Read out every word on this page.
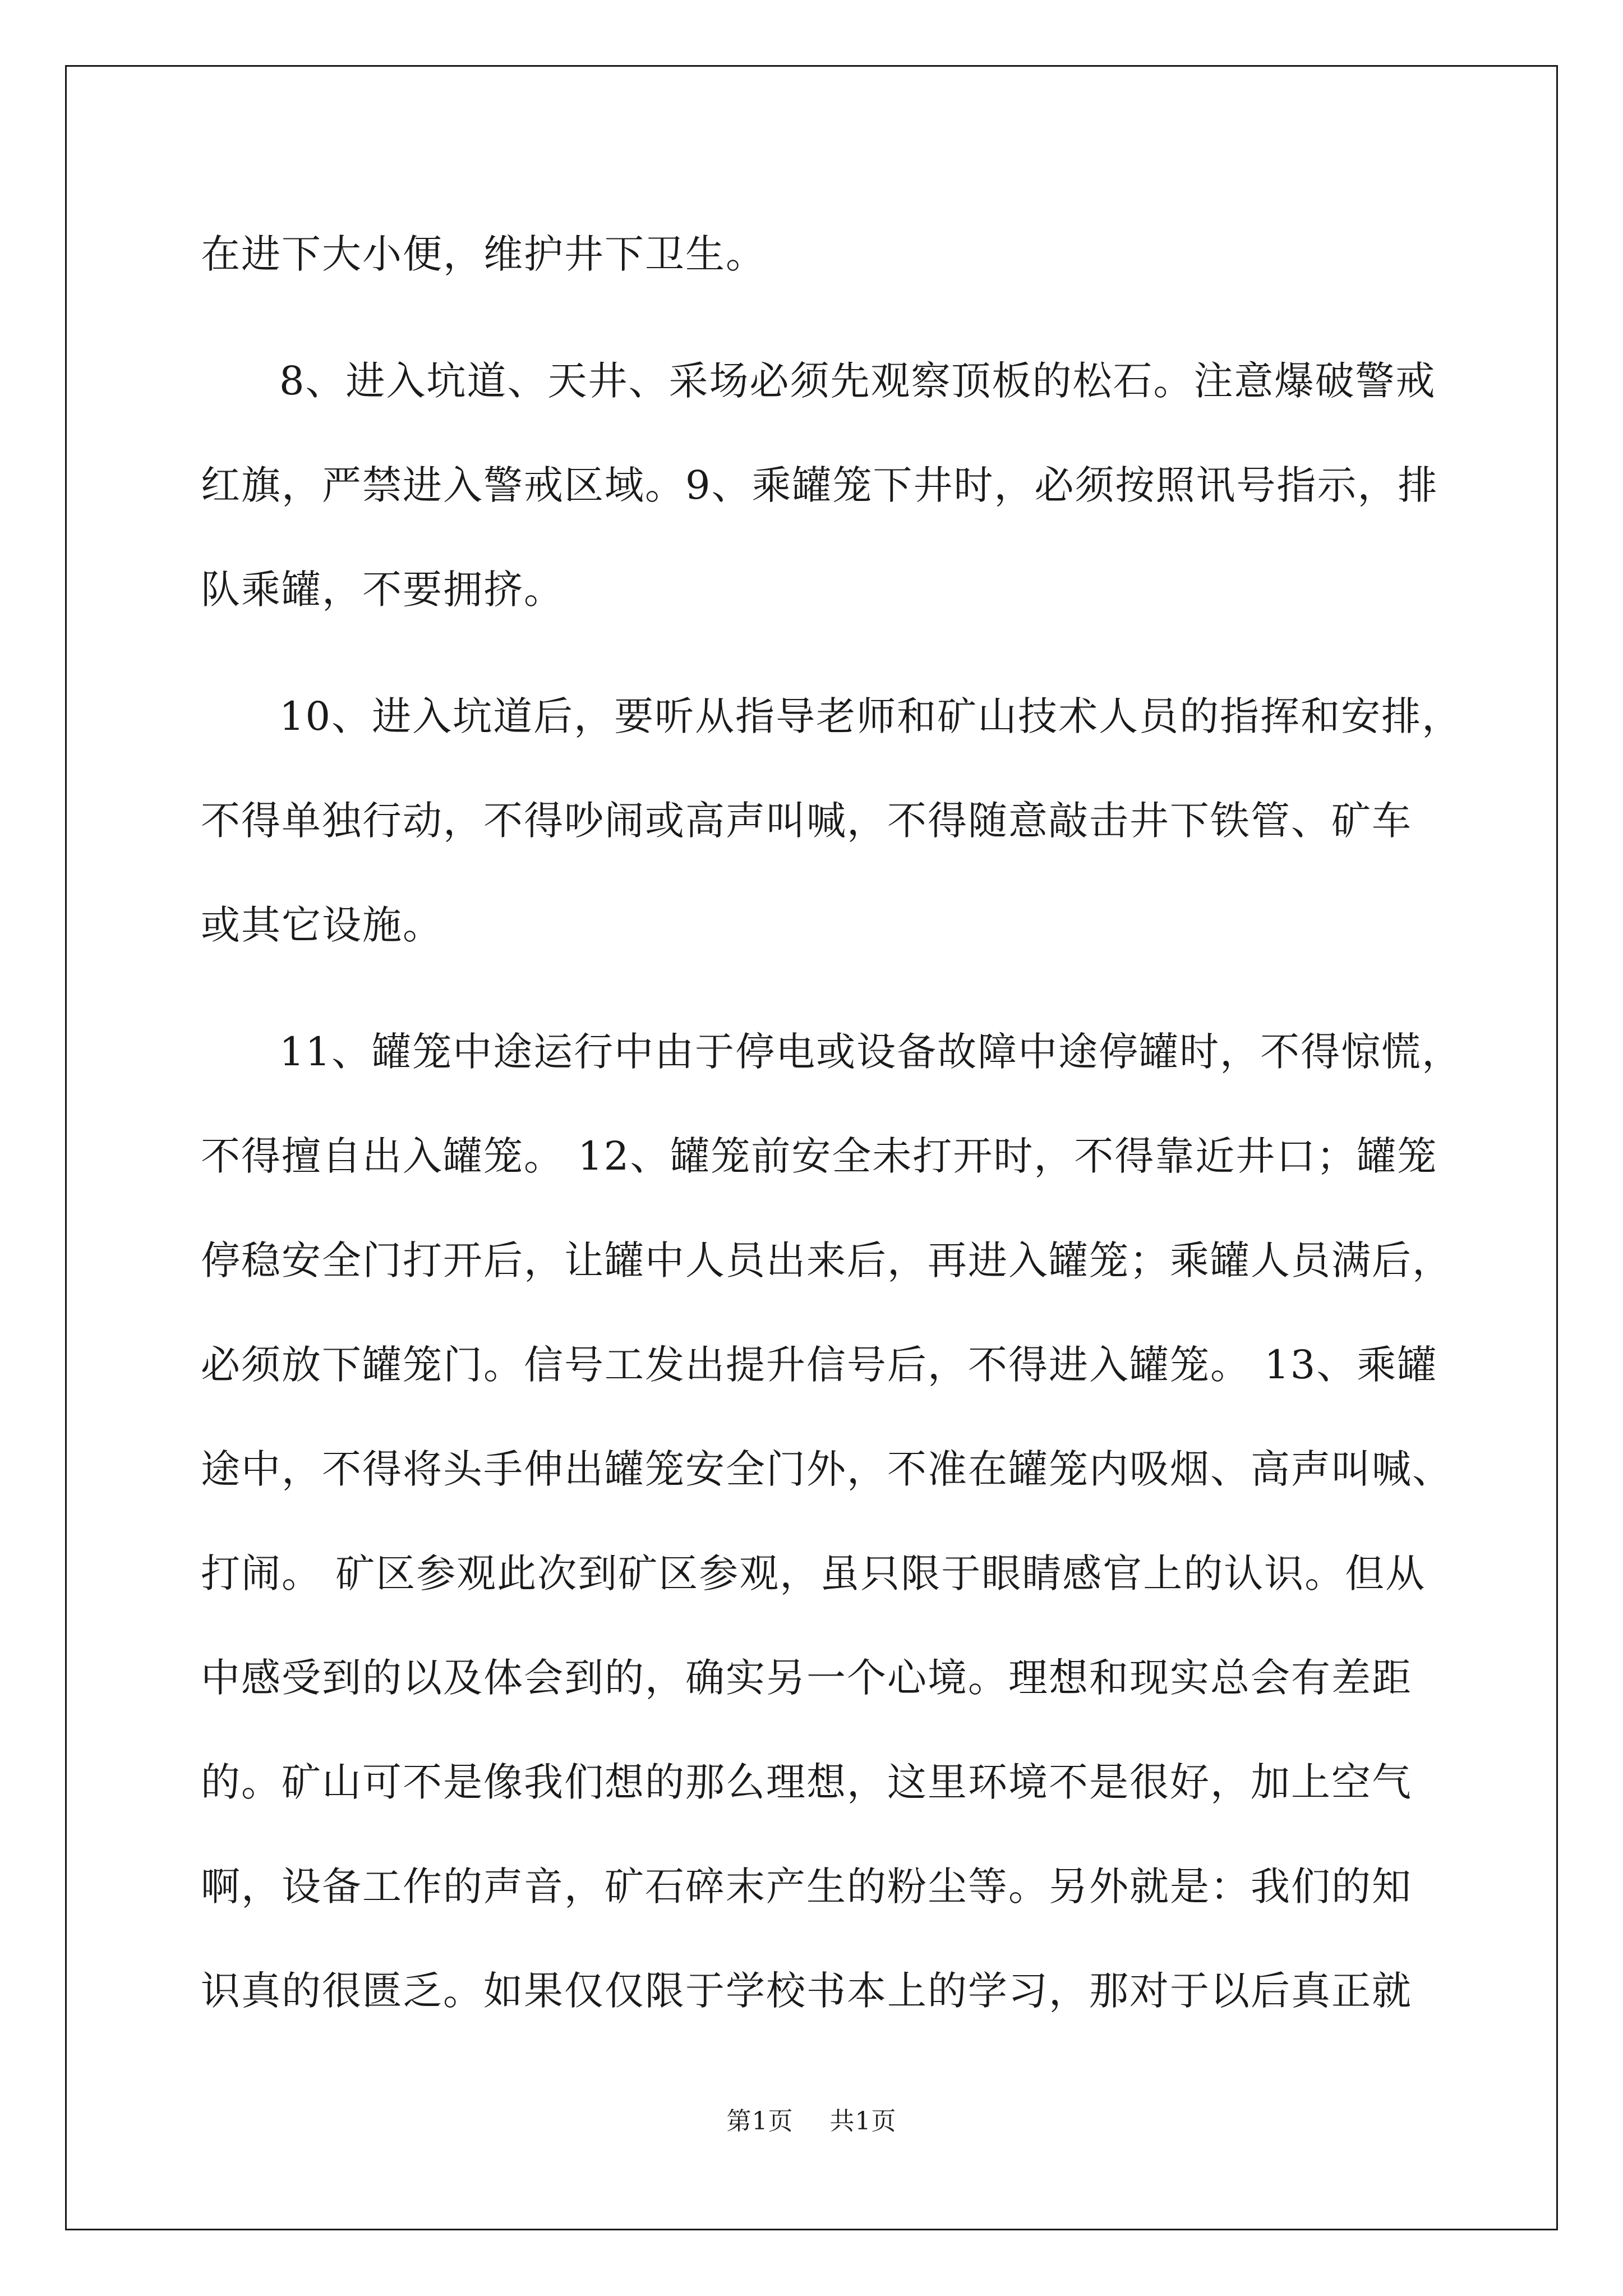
在进下大小便，维护井下卫生。
8、进入坑道、天井、采场必须先观察顶板的松石。注意爆破警戒
红旗，严禁进入警戒区域。9、乘罐笼下井时，必须按照讯号指示，排
队乘罐，不要拥挤。
10、进入坑道后，要听从指导老师和矿山技术人员的指挥和安排，
不得单独行动，不得吵闹或高声叫喊，不得随意敲击井下铁管、矿车
或其它设施。
11、罐笼中途运行中由于停电或设备故障中途停罐时，不得惊慌，
不得擅自出入罐笼。 12、罐笼前安全未打开时，不得靠近井口；罐笼
停稳安全门打开后，让罐中人员出来后，再进入罐笼；乘罐人员满后，
必须放下罐笼门。信号工发出提升信号后，不得进入罐笼。 13、乘罐
途中，不得将头手伸出罐笼安全门外，不准在罐笼内吸烟、高声叫喊、
打闹。 矿区参观此次到矿区参观，虽只限于眼睛感官上的认识。但从
中感受到的以及体会到的，确实另一个心境。理想和现实总会有差距
的。矿山可不是像我们想的那么理想，这里环境不是很好，加上空气
啊，设备工作的声音，矿石碎末产生的粉尘等。另外就是：我们的知
识真的很匮乏。如果仅仅限于学校书本上的学习，那对于以后真正就
第1页 共1页
